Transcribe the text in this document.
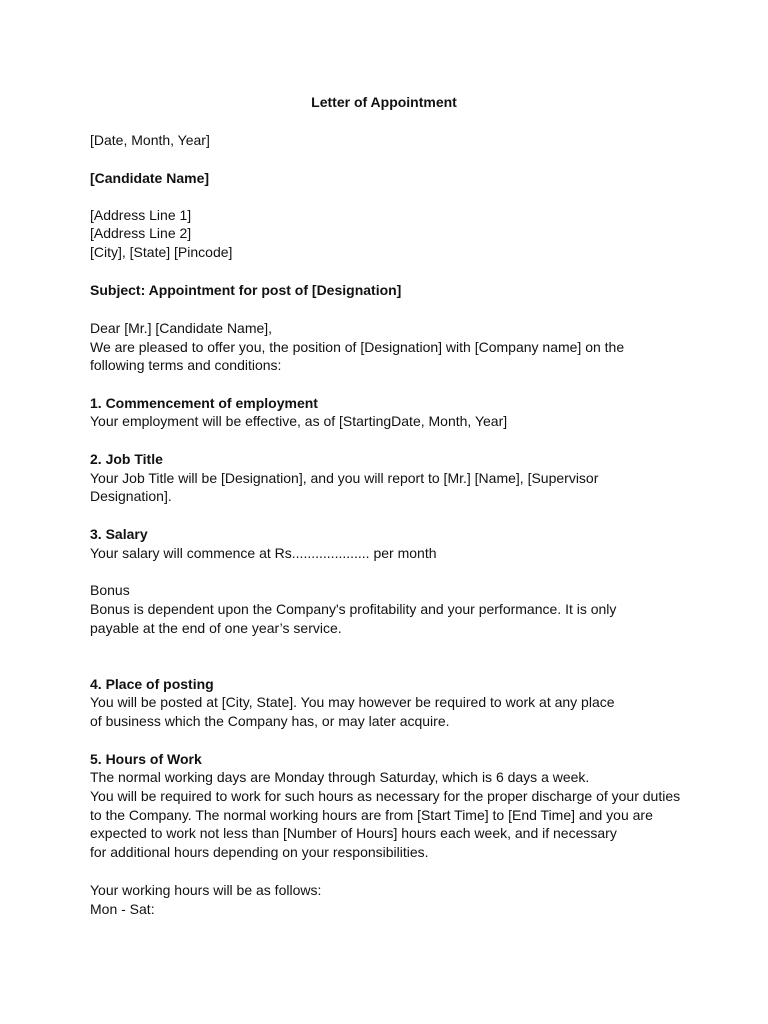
Letter of Appointment
[Date, Month, Year]
[Candidate Name]
[Address Line 1]
[Address Line 2]
[City], [State] [Pincode]
Subject: Appointment for post of [Designation]
Dear [Mr.] [Candidate Name],
We are pleased to offer you, the position of [Designation] with [Company name] on the
following terms and conditions:
1. Commencement of employment
Your employment will be effective, as of [StartingDate, Month, Year]
2. Job Title
Your Job Title will be [Designation], and you will report to [Mr.] [Name], [Supervisor
Designation].
3. Salary
Your salary will commence at Rs.................... per month
Bonus
Bonus is dependent upon the Company's profitability and your performance. It is only
payable at the end of one year’s service.
4. Place of posting
You will be posted at [City, State]. You may however be required to work at any place
of business which the Company has, or may later acquire.
5. Hours of Work
The normal working days are Monday through Saturday, which is 6 days a week.
You will be required to work for such hours as necessary for the proper discharge of your duties
to the Company. The normal working hours are from [Start Time] to [End Time] and you are
expected to work not less than [Number of Hours] hours each week, and if necessary
for additional hours depending on your responsibilities.
Your working hours will be as follows:
Mon - Sat:
